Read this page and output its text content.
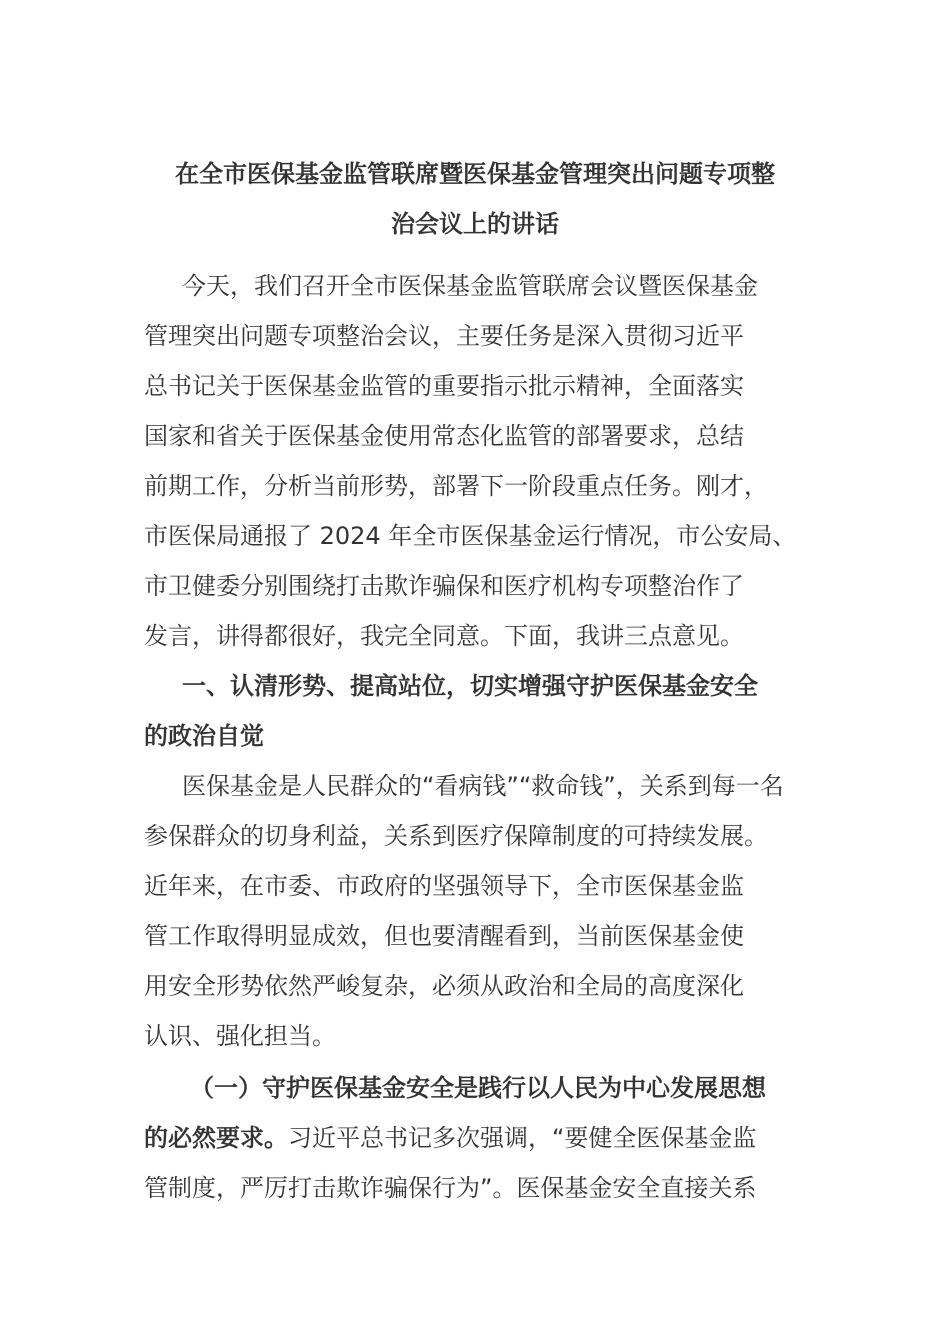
在全市医保基金监管联席暨医保基金管理突出问题专项整
治会议上的讲话
今天，我们召开全市医保基金监管联席会议暨医保基金
管理突出问题专项整治会议，主要任务是深入贯彻习近平
总书记关于医保基金监管的重要指示批示精神，全面落实
国家和省关于医保基金使用常态化监管的部署要求，总结
前期工作，分析当前形势，部署下一阶段重点任务。刚才，
市医保局通报了 2024 年全市医保基金运行情况，市公安局、
市卫健委分别围绕打击欺诈骗保和医疗机构专项整治作了
发言，讲得都很好，我完全同意。下面，我讲三点意见。
一、认清形势、提高站位，切实增强守护医保基金安全
的政治自觉
医保基金是人民群众的“看病钱”“救命钱”，关系到每一名
参保群众的切身利益，关系到医疗保障制度的可持续发展。
近年来，在市委、市政府的坚强领导下，全市医保基金监
管工作取得明显成效，但也要清醒看到，当前医保基金使
用安全形势依然严峻复杂，必须从政治和全局的高度深化
认识、强化担当。
（一）守护医保基金安全是践行以人民为中心发展思想
的必然要求。习近平总书记多次强调，“要健全医保基金监
管制度，严厉打击欺诈骗保行为”。医保基金安全直接关系
